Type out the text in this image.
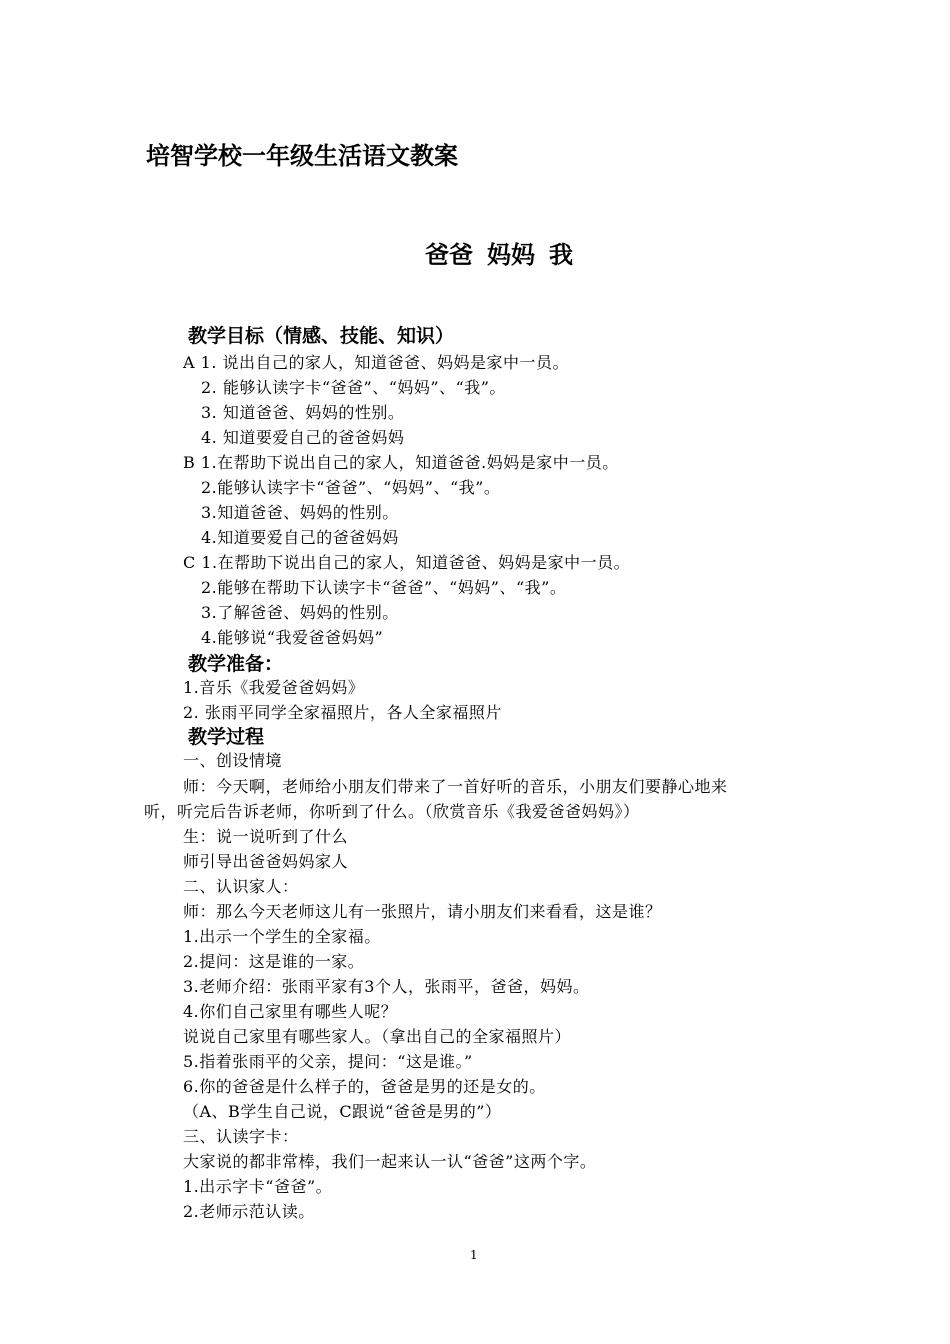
培智学校一年级生活语文教案
爸爸 妈妈 我
教学目标（情感、技能、知识）
A 1. 说出自己的家人，知道爸爸、妈妈是家中一员。
2. 能够认读字卡“爸爸”、“妈妈”、“我”。
3. 知道爸爸、妈妈的性别。
4. 知道要爱自己的爸爸妈妈
B 1.在帮助下说出自己的家人，知道爸爸.妈妈是家中一员。
2.能够认读字卡“爸爸”、“妈妈”、“我”。
3.知道爸爸、妈妈的性别。
4.知道要爱自己的爸爸妈妈
C 1.在帮助下说出自己的家人，知道爸爸、妈妈是家中一员。
2.能够在帮助下认读字卡“爸爸”、“妈妈”、“我”。
3.了解爸爸、妈妈的性别。
4.能够说“我爱爸爸妈妈”
教学准备：
1.音乐《我爱爸爸妈妈》
2. 张雨平同学全家福照片，各人全家福照片
教学过程
一、创设情境
师：今天啊，老师给小朋友们带来了一首好听的音乐，小朋友们要静心地来
听，听完后告诉老师，你听到了什么。（欣赏音乐《我爱爸爸妈妈》）
生：说一说听到了什么
师引导出爸爸妈妈家人
二、认识家人：
师：那么今天老师这儿有一张照片，请小朋友们来看看，这是谁？
1.出示一个学生的全家福。
2.提问：这是谁的一家。
3.老师介绍：张雨平家有3个人，张雨平，爸爸，妈妈。
4.你们自己家里有哪些人呢？
说说自己家里有哪些家人。（拿出自己的全家福照片）
5.指着张雨平的父亲，提问：“这是谁。”
6.你的爸爸是什么样子的，爸爸是男的还是女的。
（A、B学生自己说，C跟说“爸爸是男的”）
三、认读字卡：
大家说的都非常棒，我们一起来认一认“爸爸”这两个字。
1.出示字卡“爸爸”。
2.老师示范认读。
1
